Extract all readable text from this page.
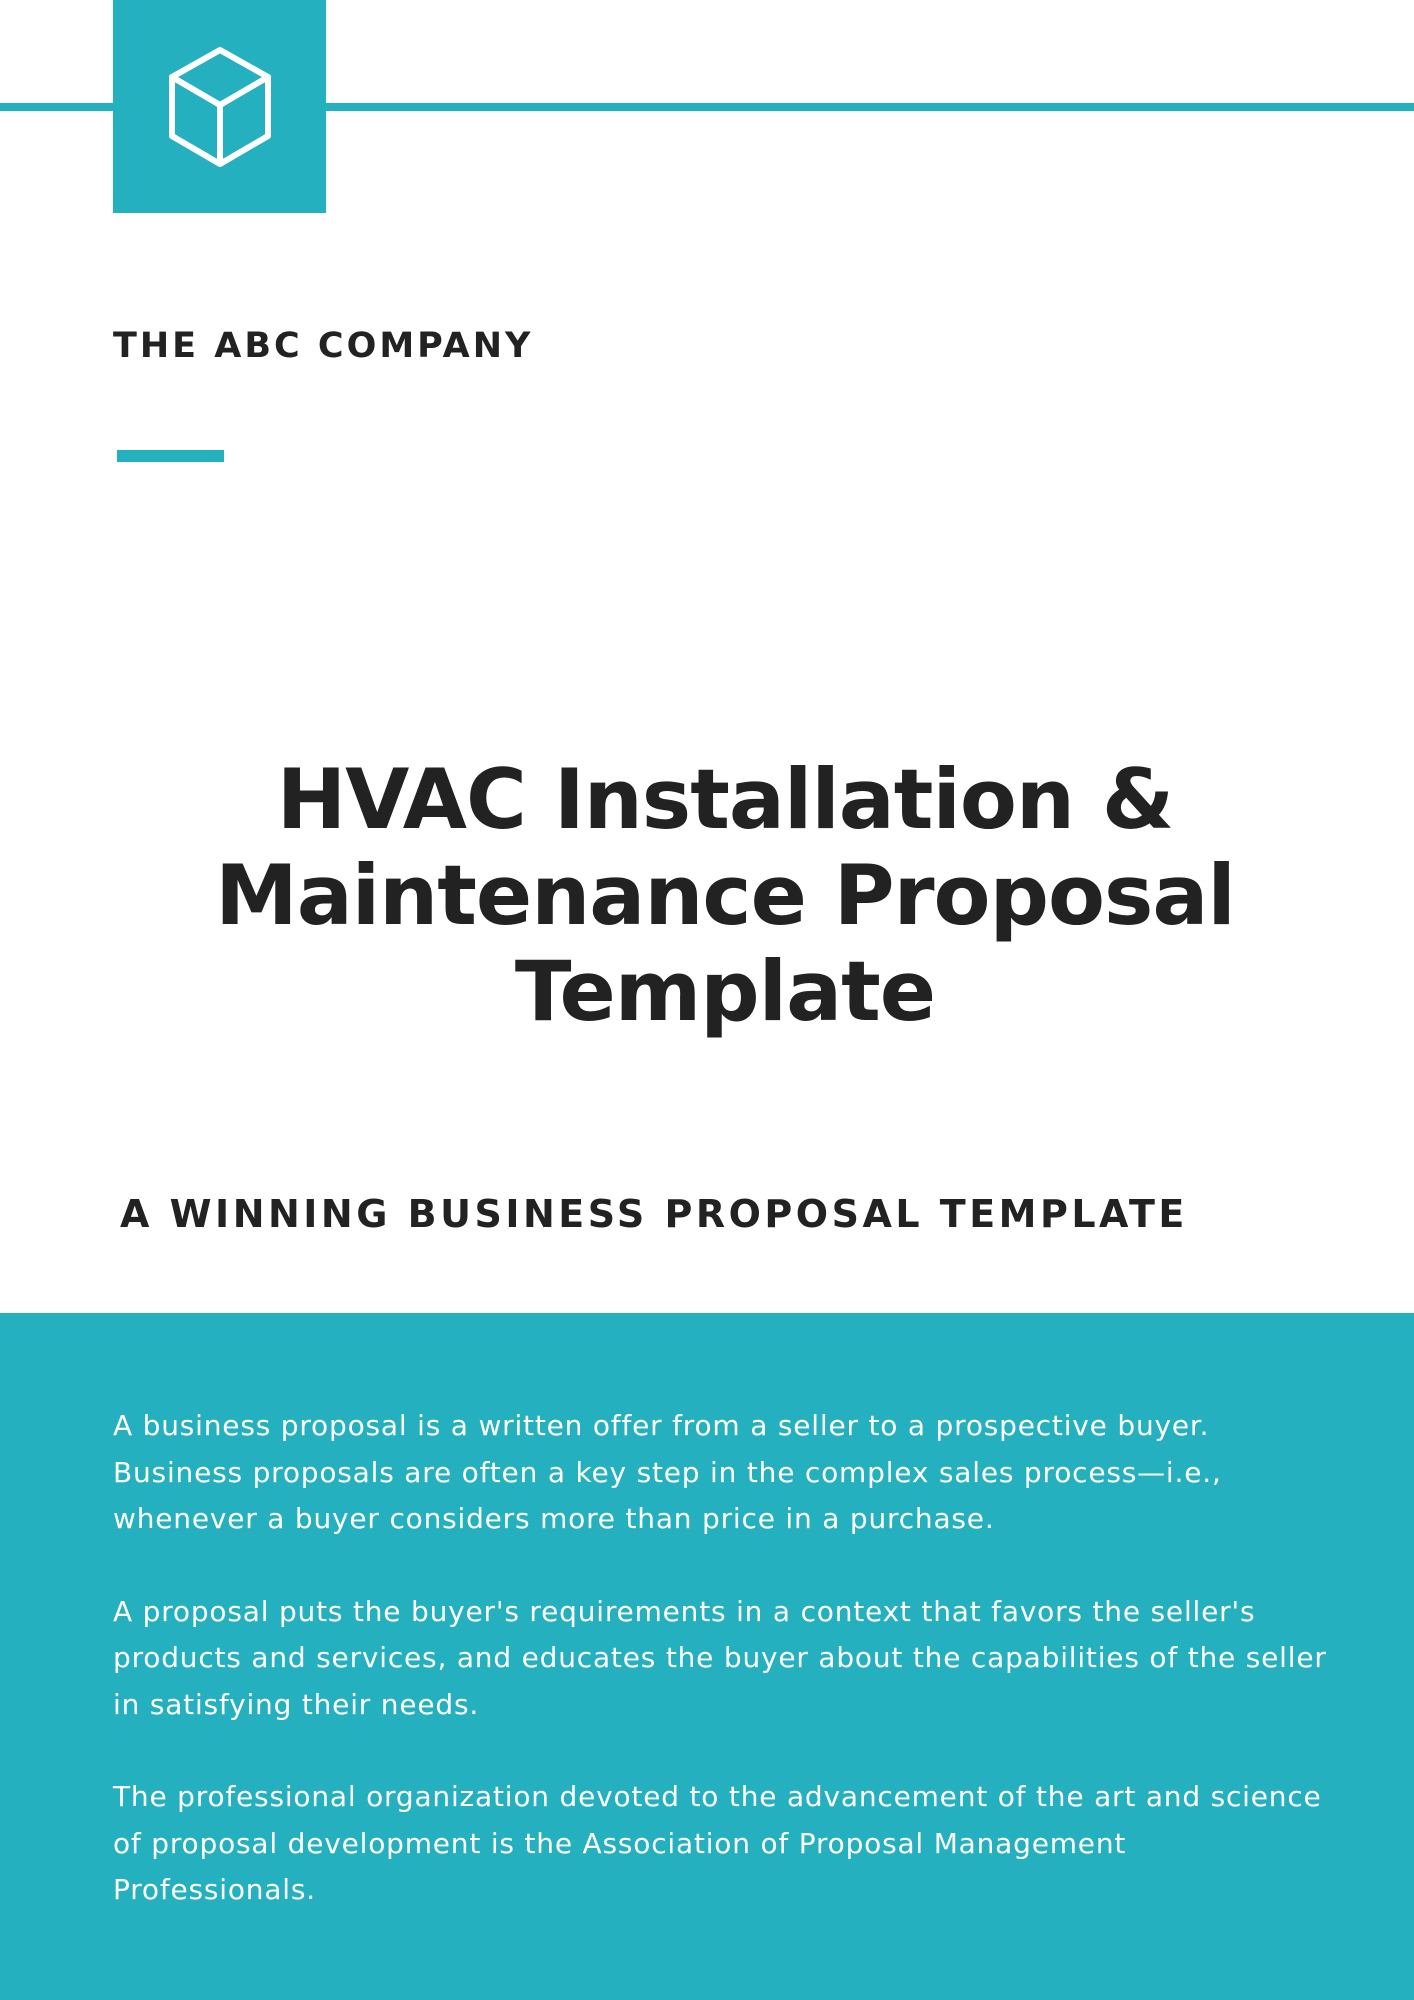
THE ABC COMPANY
HVAC Installation &
Maintenance Proposal
Template
A WINNING BUSINESS PROPOSAL TEMPLATE

A business proposal is a written offer from a seller to a prospective buyer. Business proposals are often a key step in the complex sales process—i.e., whenever a buyer considers more than price in a purchase.

A proposal puts the buyer's requirements in a context that favors the seller's products and services, and educates the buyer about the capabilities of the seller in satisfying their needs.

The professional organization devoted to the advancement of the art and science of proposal development is the Association of Proposal Management Professionals.
